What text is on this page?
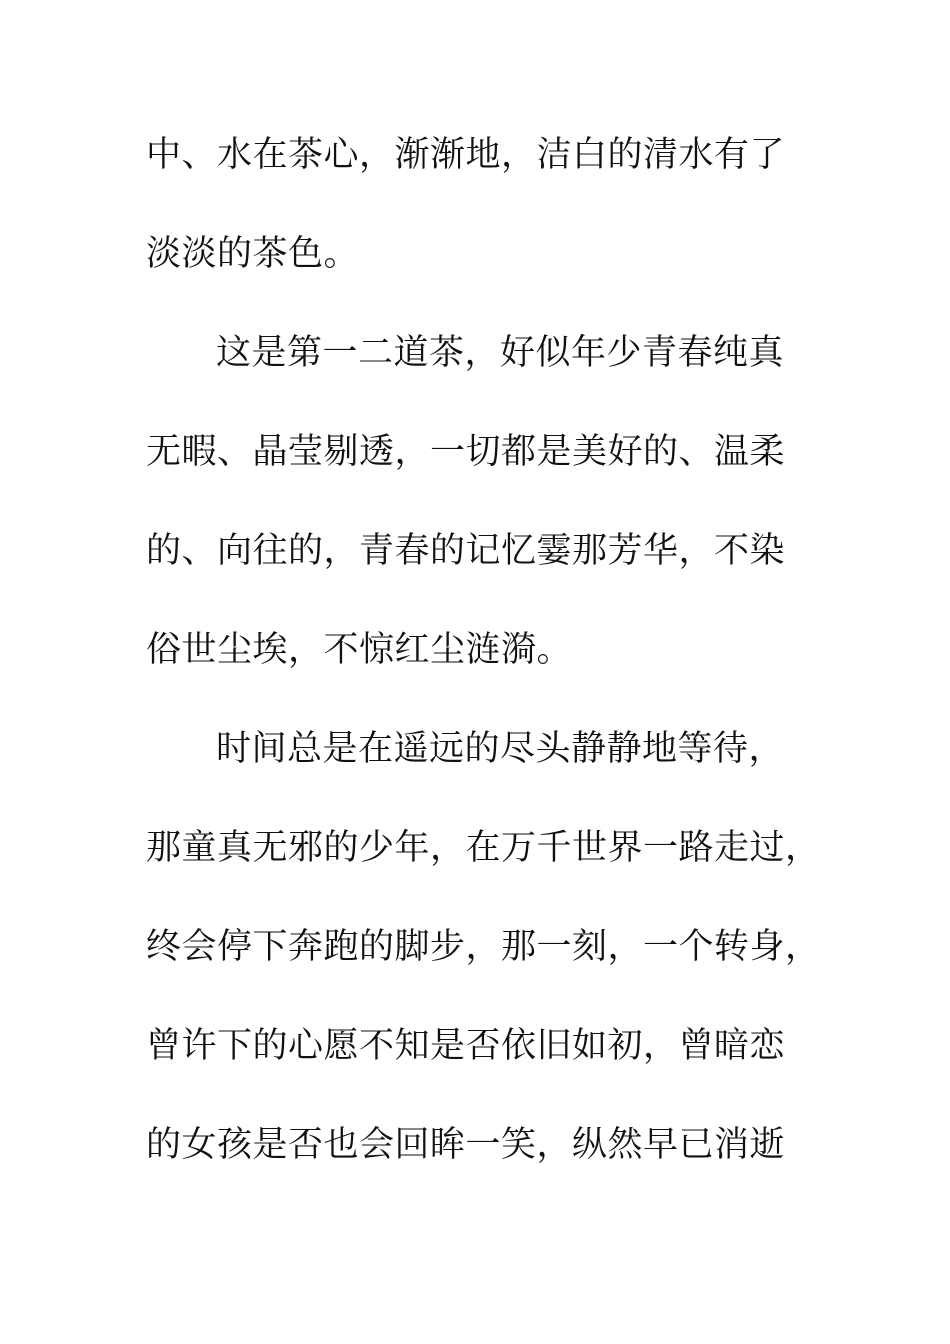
中、水在茶心，渐渐地，洁白的清水有了

淡淡的茶色。

这是第一二道茶，好似年少青春纯真

无暇、晶莹剔透，一切都是美好的、温柔

的、向往的，青春的记忆霎那芳华，不染

俗世尘埃，不惊红尘涟漪。

时间总是在遥远的尽头静静地等待，

那童真无邪的少年，在万千世界一路走过，

终会停下奔跑的脚步，那一刻，一个转身，

曾许下的心愿不知是否依旧如初，曾暗恋

的女孩是否也会回眸一笑，纵然早已消逝
